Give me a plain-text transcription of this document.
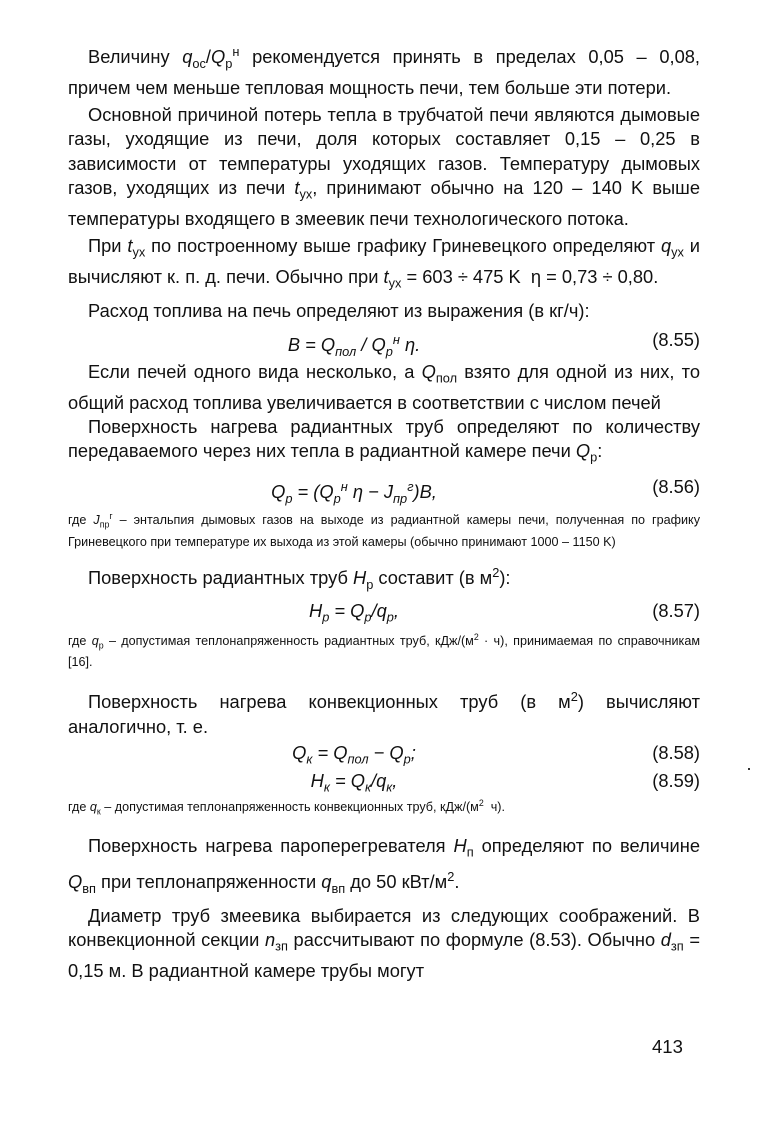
Величину $q_{ос}/Q_р^н$ рекомендуется принять в пределах 0,05 – 0,08, причем чем меньше тепловая мощность печи, тем больше эти потери.

Основной причиной потерь тепла в трубчатой печи являются дымовые газы, уходящие из печи, доля которых составляет 0,15 – 0,25 в зависимости от температуры уходящих газов. Температуру дымовых газов, уходящих из печи $t_{ух}$, принимают обычно на 120 – 140 K выше температуры входящего в змеевик печи технологического потока.

При $t_{ух}$ по построенному выше графику Гриневецкого определяют $q_{ух}$ и вычисляют к. п. д. печи. Обычно при $t_{ух} = 603 \div 475$ K  η = 0,73 ÷ 0,80.

Расход топлива на печь определяют из выражения (в кг/ч):

$B = Q_{пол} / Q_р^н$ η.	(8.55)

Если печей одного вида несколько, а $Q_{пол}$ взято для одной из них, то общий расход топлива увеличивается в соответствии с числом печей

Поверхность нагрева радиантных труб определяют по количеству передаваемого через них тепла в радиантной камере печи $Q_р$:

$Q_р = (Q_р^н$ $\eta - J_{пр}^г)B$,	(8.56)

где $J_{пр}^г$ – энтальпия дымовых газов на выходе из радиантной камеры печи, полученная по графику Гриневецкого при температуре их выхода из этой камеры (обычно принимают 1000 – 1150 K)

Поверхность радиантных труб $H_р$ составит (в $м^2$):

$H_р = Q_р/q_р$,	(8.57)

где $q_р$ – допустимая теплонапряженность радиантных труб, кДж/$(м^2 \cdot ч)$, принимаемая по справочникам [16].

Поверхность нагрева конвекционных труб (в $м^2$) вычисляют аналогично, т. е.

$Q_к = Q_{пол} - Q_р$;	(8.58)
$H_к = Q_к/q_к$,	(8.59)

где $q_к$ – допустимая теплонапряженность конвекционных труб, кДж/($м^2$  ч).

Поверхность нагрева пароперегревателя $H_п$ определяют по величине $Q_{вп}$ при теплонапряженности $q_{вп}$ до 50 кВт/$м^2$.

Диаметр труб змеевика выбирается из следующих соображений. В конвекционной секции $n_{зп}$ рассчитывают по формуле (8.53). Обычно $d_{зп} = 0,15$ м. В радиантной камере трубы могут

413
